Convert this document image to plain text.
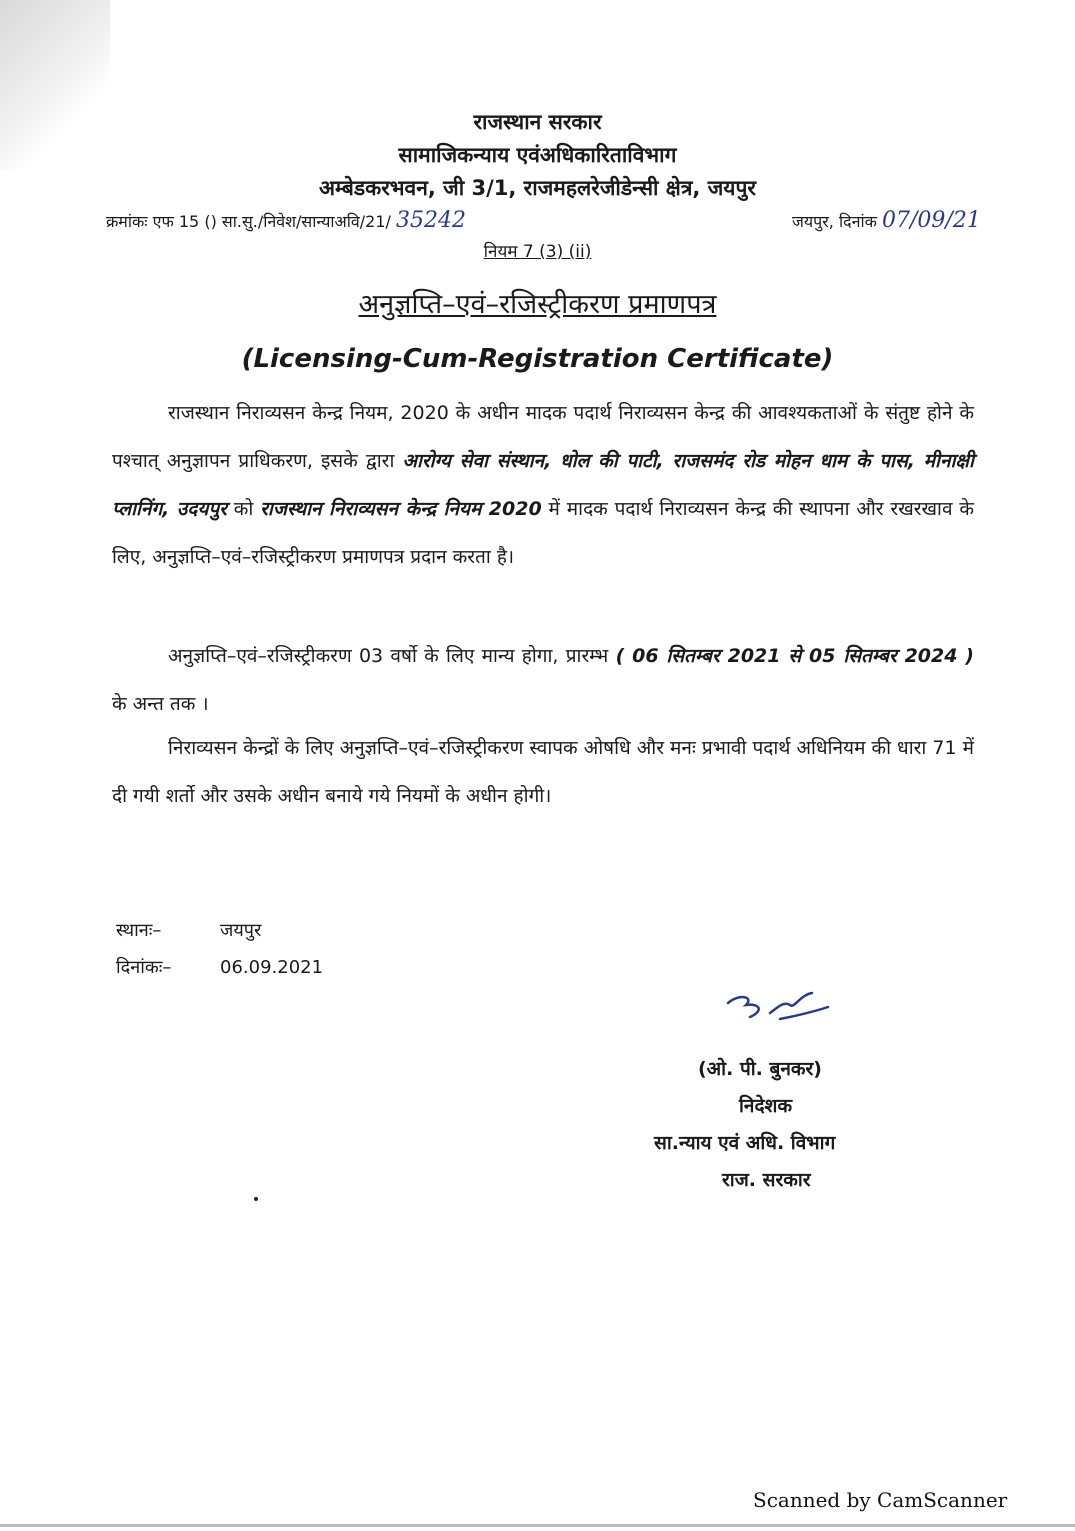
राजस्थान सरकार
सामाजिकन्याय एवंअधिकारिताविभाग
अम्बेडकरभवन, जी 3/1, राजमहलरेजीडेन्सी क्षेत्र, जयपुर
क्रमांकः एफ 15 () सा.सु./निवेश/सान्याअवि/21/ 35242	जयपुर, दिनांक 07/09/21
नियम 7 (3) (ii)
अनुज्ञप्ति–एवं–रजिस्ट्रीकरण प्रमाणपत्र
(Licensing-Cum-Registration Certificate)
राजस्थान निराव्यसन केन्द्र नियम, 2020 के अधीन मादक पदार्थ निराव्यसन केन्द्र की आवश्यकताओं के संतुष्ट होने के पश्चात् अनुज्ञापन प्राधिकरण, इसके द्वारा आरोग्य सेवा संस्थान, धोल की पाटी, राजसमंद रोड मोहन धाम के पास, मीनाक्षी प्लानिंग, उदयपुर को राजस्थान निराव्यसन केन्द्र नियम 2020 में मादक पदार्थ निराव्यसन केन्द्र की स्थापना और रखरखाव के लिए, अनुज्ञप्ति–एवं–रजिस्ट्रीकरण प्रमाणपत्र प्रदान करता है।
अनुज्ञप्ति–एवं–रजिस्ट्रीकरण 03 वर्षो के लिए मान्य होगा, प्रारम्भ ( 06 सितम्बर 2021 से 05 सितम्बर 2024 ) के अन्त तक ।
निराव्यसन केन्द्रों के लिए अनुज्ञप्ति–एवं–रजिस्ट्रीकरण स्वापक ओषधि और मनः प्रभावी पदार्थ अधिनियम की धारा 71 में दी गयी शर्तो और उसके अधीन बनाये गये नियमों के अधीन होगी।
स्थानः–	जयपुर
दिनांकः–	06.09.2021
(ओ. पी. बुनकर)
निदेशक
सा.न्याय एवं अधि. विभाग
राज. सरकार
Scanned by CamScanner
